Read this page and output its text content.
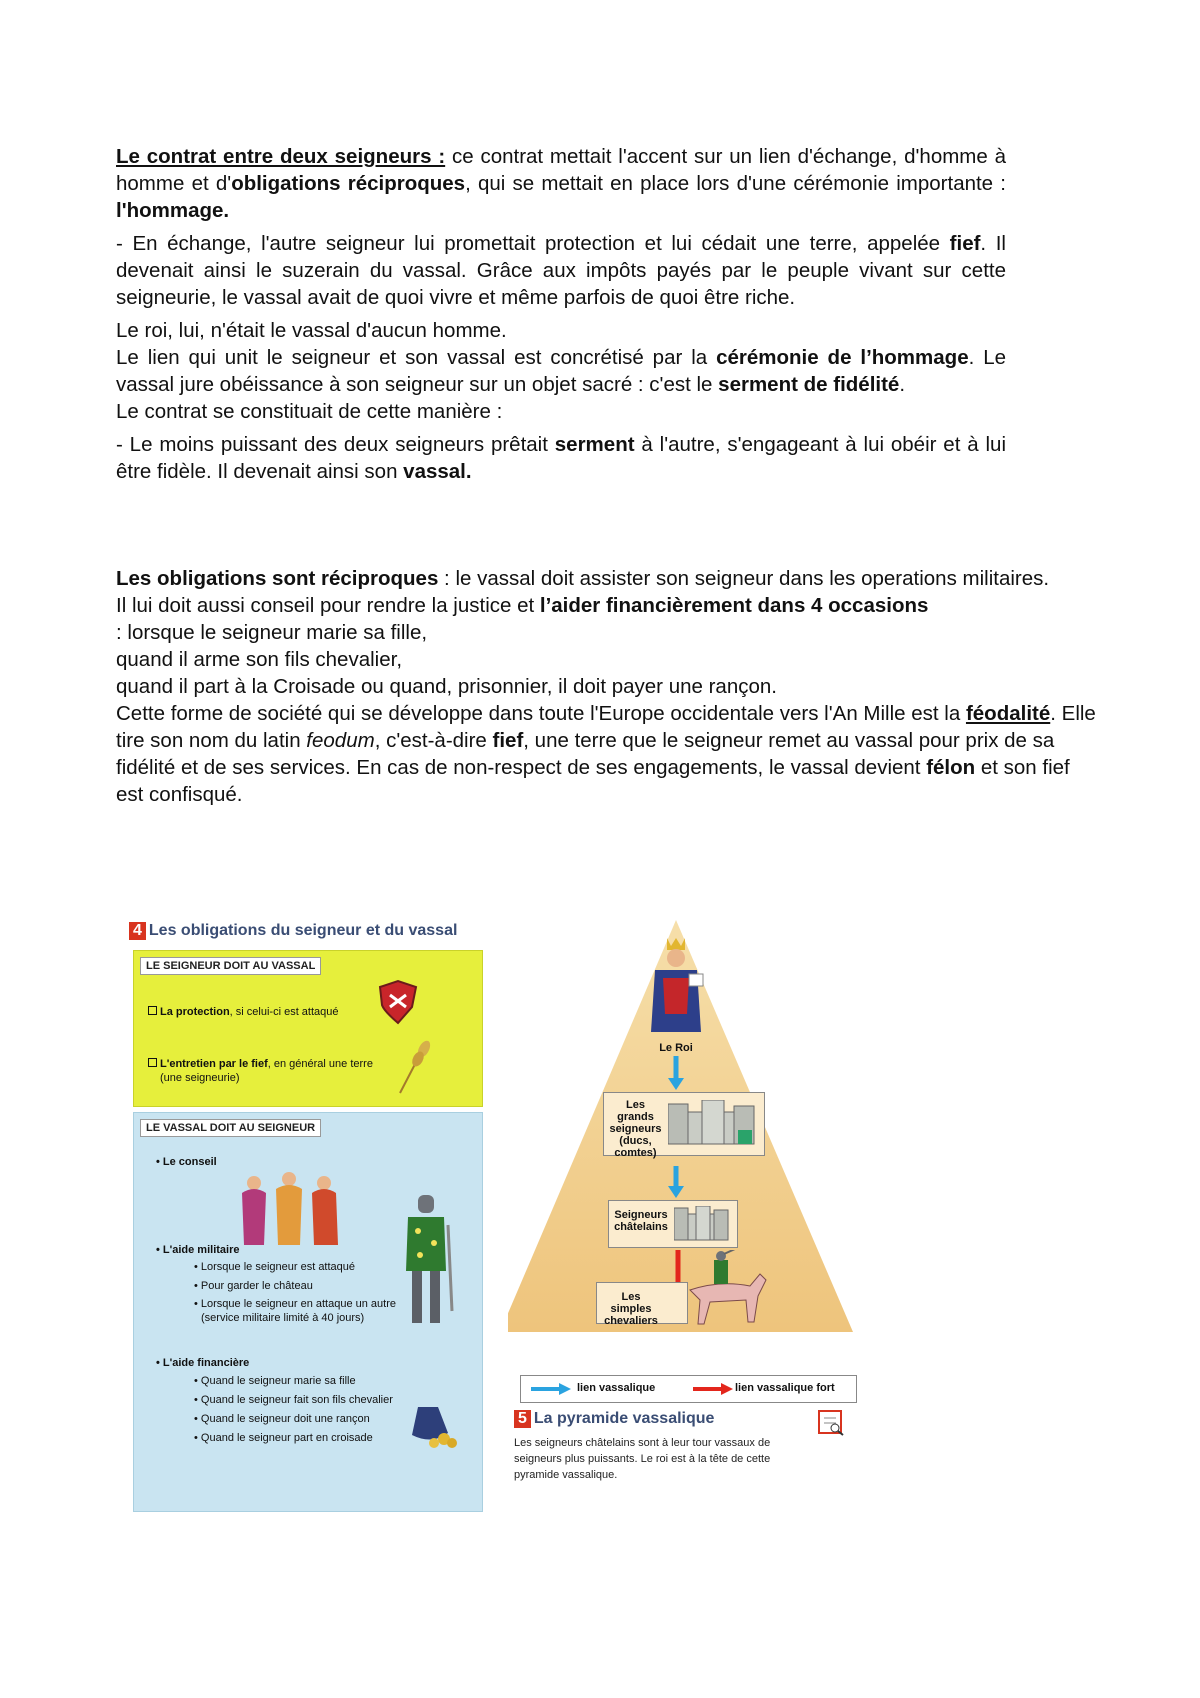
Le contrat entre deux seigneurs : ce contrat mettait l'accent sur un lien d'échange, d'homme à homme et d'obligations réciproques, qui se mettait en place lors d'une cérémonie importante : l'hommage.

- En échange, l'autre seigneur lui promettait protection et lui cédait une terre, appelée fief. Il devenait ainsi le suzerain du vassal. Grâce aux impôts payés par le peuple vivant sur cette seigneurie, le vassal avait de quoi vivre et même parfois de quoi être riche.

Le roi, lui, n'était le vassal d'aucun homme.

Le lien qui unit le seigneur et son vassal est concrétisé par la cérémonie de l’hommage. Le vassal jure obéissance à son seigneur sur un objet sacré : c'est le serment de fidélité.

Le contrat se constituait de cette manière :

- Le moins puissant des deux seigneurs prêtait serment à l'autre, s'engageant à lui obéir et à lui être fidèle. Il devenait ainsi son vassal.

Les obligations sont réciproques : le vassal doit assister son seigneur dans les operations militaires.

Il lui doit aussi conseil pour rendre la justice et l’aider financièrement dans 4 occasions

: lorsque le seigneur marie sa fille,

quand il arme son fils chevalier,

quand il part à la Croisade ou quand, prisonnier, il doit payer une rançon.

Cette forme de société qui se développe dans toute l'Europe occidentale vers l'An Mille est la féodalité. Elle tire son nom du latin feodum, c'est-à-dire fief, une terre que le seigneur remet au vassal pour prix de sa fidélité et de ses services. En cas de non-respect de ses engagements, le vassal devient félon et son fief est confisqué.

4 Les obligations du seigneur et du vassal
LE SEIGNEUR DOIT AU VASSAL
La protection, si celui-ci est attaqué
L'entretien par le fief, en général une terre
(une seigneurie)
LE VASSAL DOIT AU SEIGNEUR
• Le conseil
• L'aide militaire
• Lorsque le seigneur est attaqué
• Pour garder le château
• Lorsque le seigneur en attaque un autre
(service militaire limité à 40 jours)
• L'aide financière
• Quand le seigneur marie sa fille
• Quand le seigneur fait son fils chevalier
• Quand le seigneur doit une rançon
• Quand le seigneur part en croisade
Le Roi
Les grands seigneurs (ducs, comtes)
Seigneurs châtelains
Les simples chevaliers
lien vassalique	lien vassalique fort
5 La pyramide vassalique
Les seigneurs châtelains sont à leur tour vassaux de seigneurs plus puissants. Le roi est à la tête de cette pyramide vassalique.
